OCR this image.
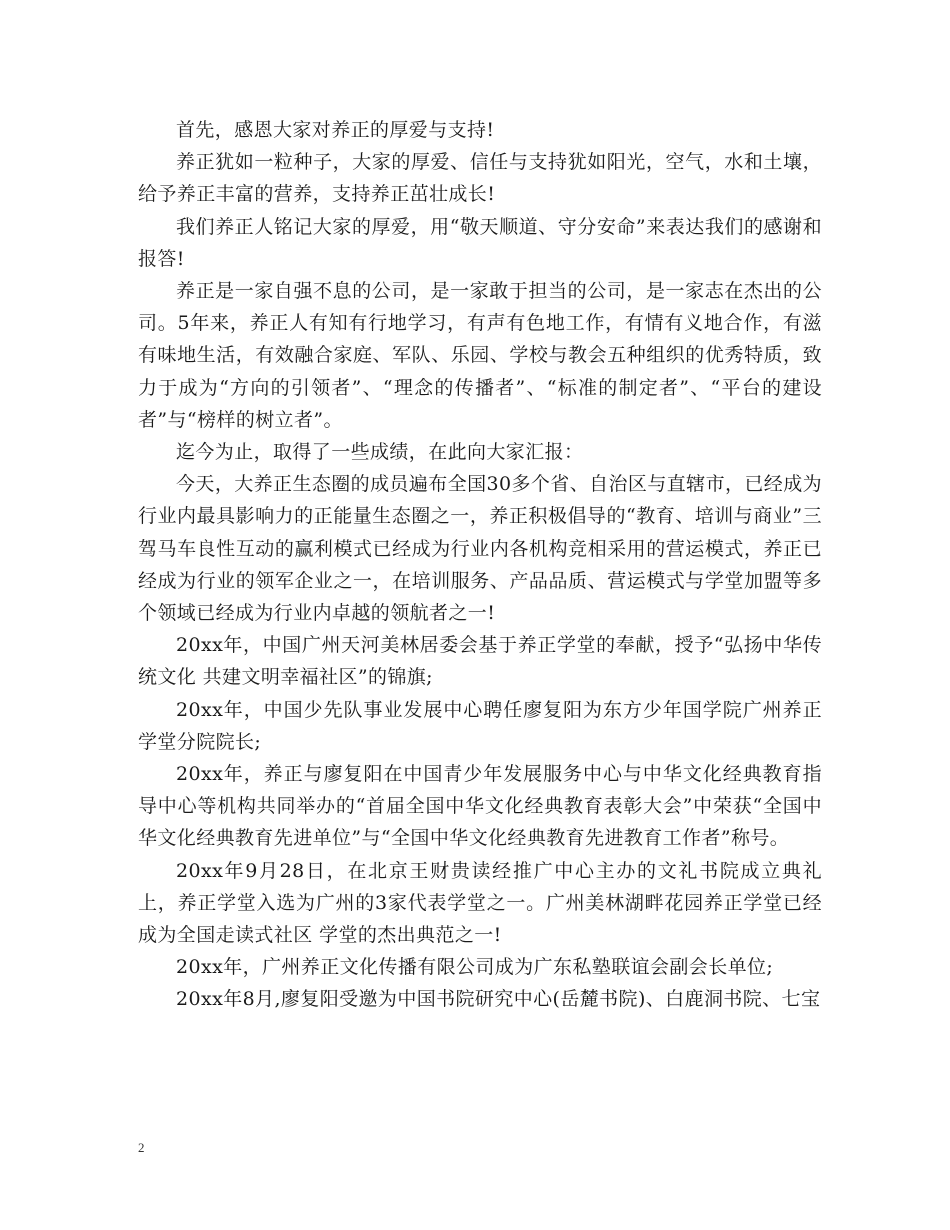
首先，感恩大家对养正的厚爱与支持!

养正犹如一粒种子，大家的厚爱、信任与支持犹如阳光，空气，水和土壤，给予养正丰富的营养，支持养正茁壮成长!

我们养正人铭记大家的厚爱，用“敬天顺道、守分安命”来表达我们的感谢和报答!

养正是一家自强不息的公司，是一家敢于担当的公司，是一家志在杰出的公司。5年来，养正人有知有行地学习，有声有色地工作，有情有义地合作，有滋有味地生活，有效融合家庭、军队、乐园、学校与教会五种组织的优秀特质，致力于成为“方向的引领者”、“理念的传播者”、“标准的制定者”、“平台的建设者”与“榜样的树立者”。

迄今为止，取得了一些成绩，在此向大家汇报：

今天，大养正生态圈的成员遍布全国30多个省、自治区与直辖市，已经成为行业内最具影响力的正能量生态圈之一，养正积极倡导的“教育、培训与商业”三驾马车良性互动的赢利模式已经成为行业内各机构竞相采用的营运模式，养正已经成为行业的领军企业之一，在培训服务、产品品质、营运模式与学堂加盟等多个领域已经成为行业内卓越的领航者之一!

20xx年，中国广州天河美林居委会基于养正学堂的奉献，授予“弘扬中华传统文化 共建文明幸福社区”的锦旗;

20xx年，中国少先队事业发展中心聘任廖复阳为东方少年国学院广州养正学堂分院院长;

20xx年，养正与廖复阳在中国青少年发展服务中心与中华文化经典教育指导中心等机构共同举办的“首届全国中华文化经典教育表彰大会”中荣获“全国中华文化经典教育先进单位”与“全国中华文化经典教育先进教育工作者”称号。

20xx年9月28日，在北京王财贵读经推广中心主办的文礼书院成立典礼上，养正学堂入选为广州的3家代表学堂之一。广州美林湖畔花园养正学堂已经成为全国走读式社区 学堂的杰出典范之一!

20xx年，广州养正文化传播有限公司成为广东私塾联谊会副会长单位;

20xx年8月,廖复阳受邀为中国书院研究中心(岳麓书院)、白鹿洞书院、七宝

2
